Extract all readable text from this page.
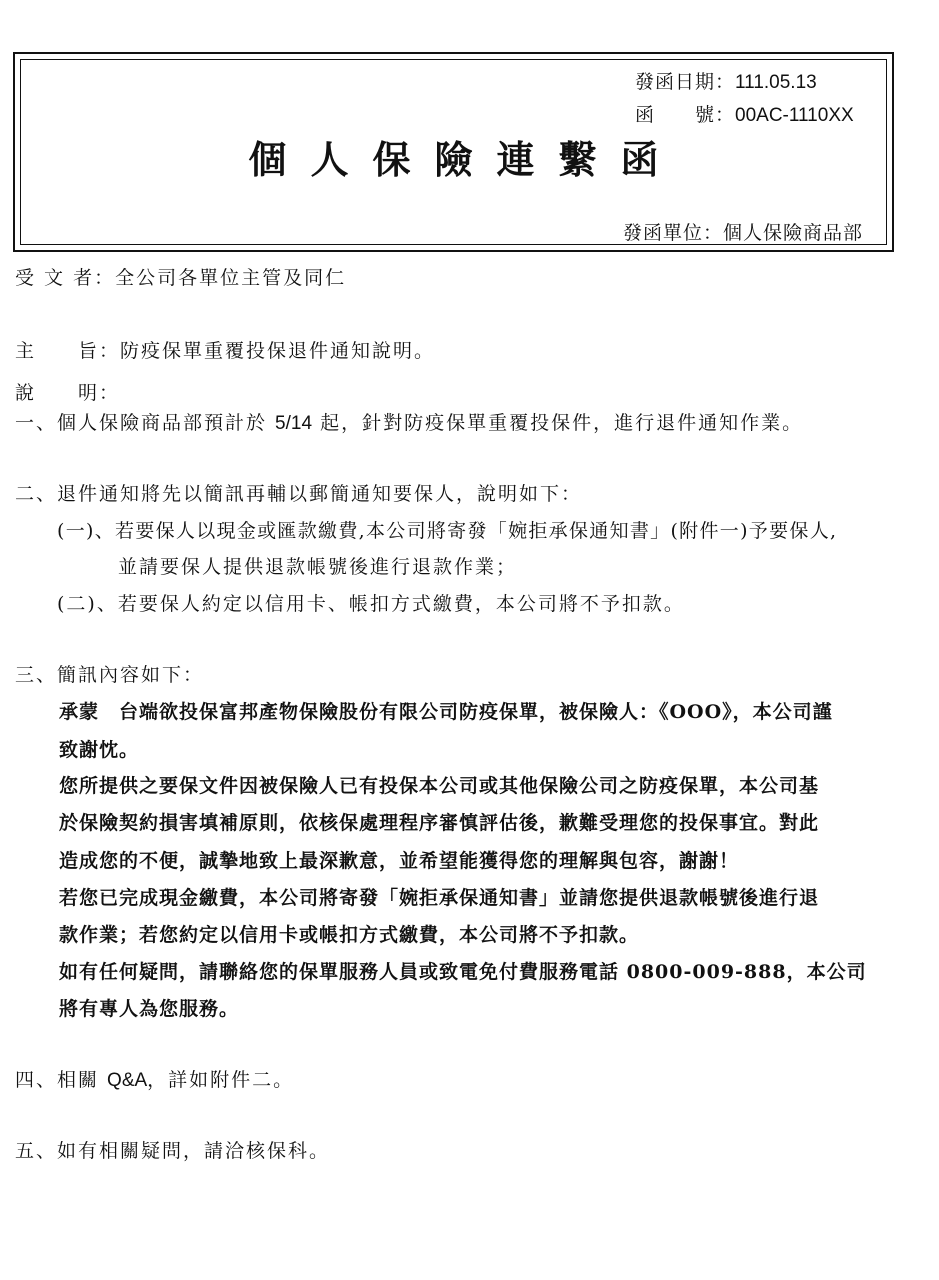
發函日期：111.05.13
函　　號：00AC-1110XX
個人保險連繫函
發函單位：個人保險商品部
受 文 者：全公司各單位主管及同仁
主　　旨：防疫保單重覆投保退件通知說明。
說　　明：
一、個人保險商品部預計於 5/14 起，針對防疫保單重覆投保件，進行退件通知作業。
二、退件通知將先以簡訊再輔以郵簡通知要保人，說明如下：
(一)、若要保人以現金或匯款繳費,本公司將寄發「婉拒承保通知書」(附件一)予要保人,
並請要保人提供退款帳號後進行退款作業；
(二)、若要保人約定以信用卡、帳扣方式繳費，本公司將不予扣款。
三、簡訊內容如下：
承蒙　台端欲投保富邦產物保險股份有限公司防疫保單，被保險人：《OOO》，本公司謹
致謝忱。
您所提供之要保文件因被保險人已有投保本公司或其他保險公司之防疫保單，本公司基
於保險契約損害填補原則，依核保處理程序審慎評估後，歉難受理您的投保事宜。對此
造成您的不便，誠摯地致上最深歉意，並希望能獲得您的理解與包容，謝謝！
若您已完成現金繳費，本公司將寄發「婉拒承保通知書」並請您提供退款帳號後進行退
款作業；若您約定以信用卡或帳扣方式繳費，本公司將不予扣款。
如有任何疑問，請聯絡您的保單服務人員或致電免付費服務電話 0800-009-888，本公司
將有專人為您服務。
四、相關 Q&A，詳如附件二。
五、如有相關疑問，請洽核保科。
